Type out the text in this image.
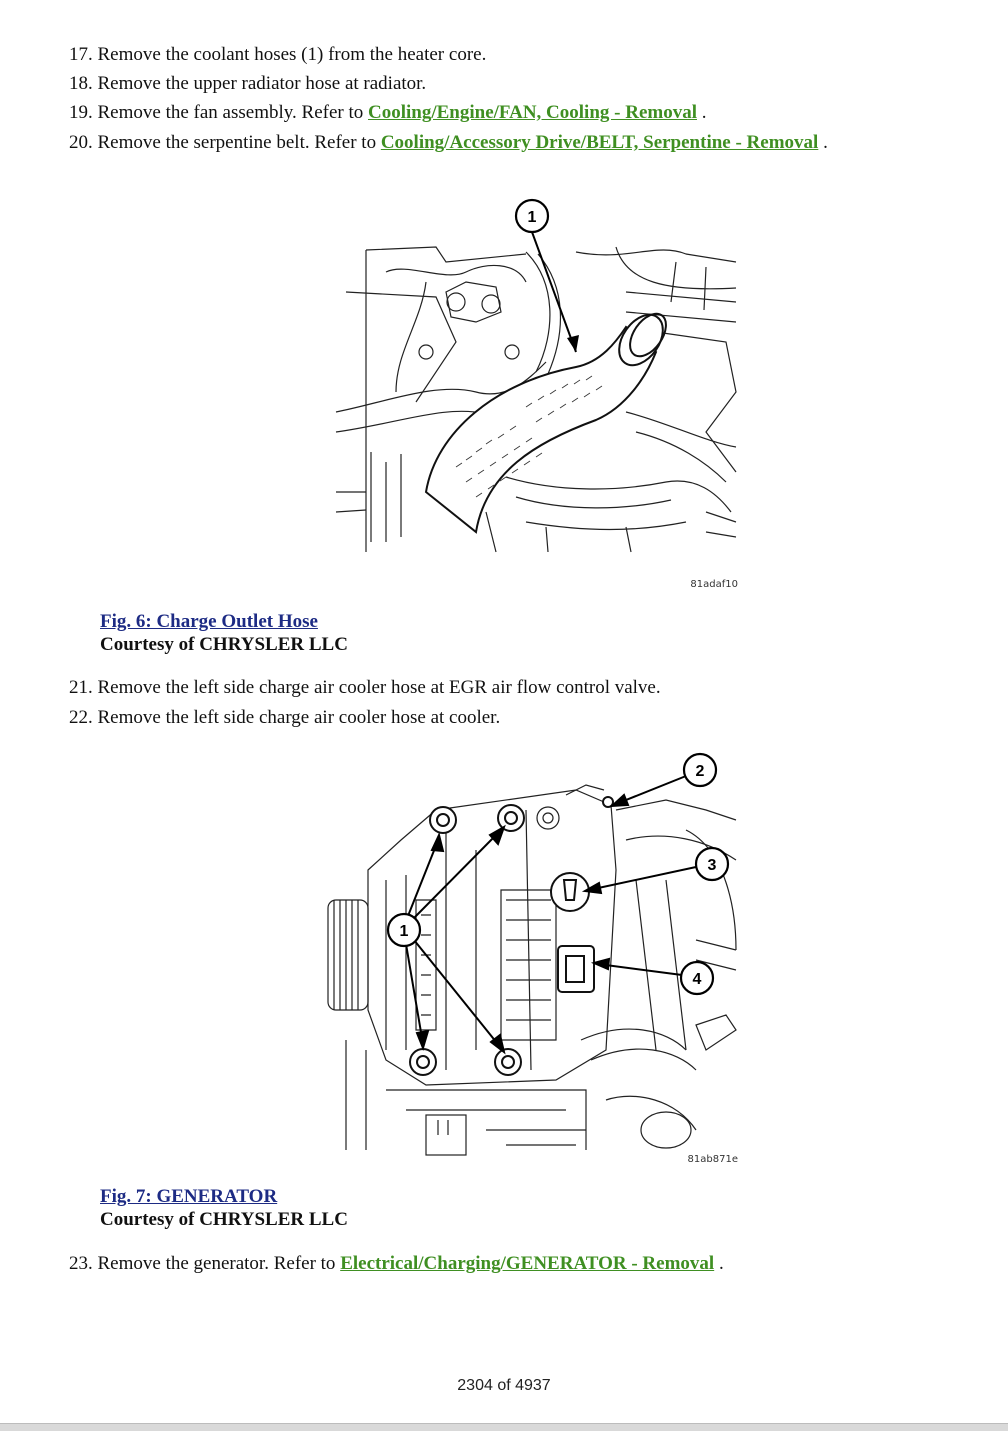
17. Remove the coolant hoses (1) from the heater core.

18. Remove the upper radiator hose at radiator.

19. Remove the fan assembly. Refer to Cooling/Engine/FAN, Cooling - Removal .

20. Remove the serpentine belt. Refer to Cooling/Accessory Drive/BELT, Serpentine - Removal .

1
81adaf10

Fig. 6: Charge Outlet Hose

Courtesy of CHRYSLER LLC

21. Remove the left side charge air cooler hose at EGR air flow control valve.

22. Remove the left side charge air cooler hose at cooler.

1
2
3
4
81ab871e

Fig. 7: GENERATOR

Courtesy of CHRYSLER LLC

23. Remove the generator. Refer to Electrical/Charging/GENERATOR - Removal .

2304 of 4937
